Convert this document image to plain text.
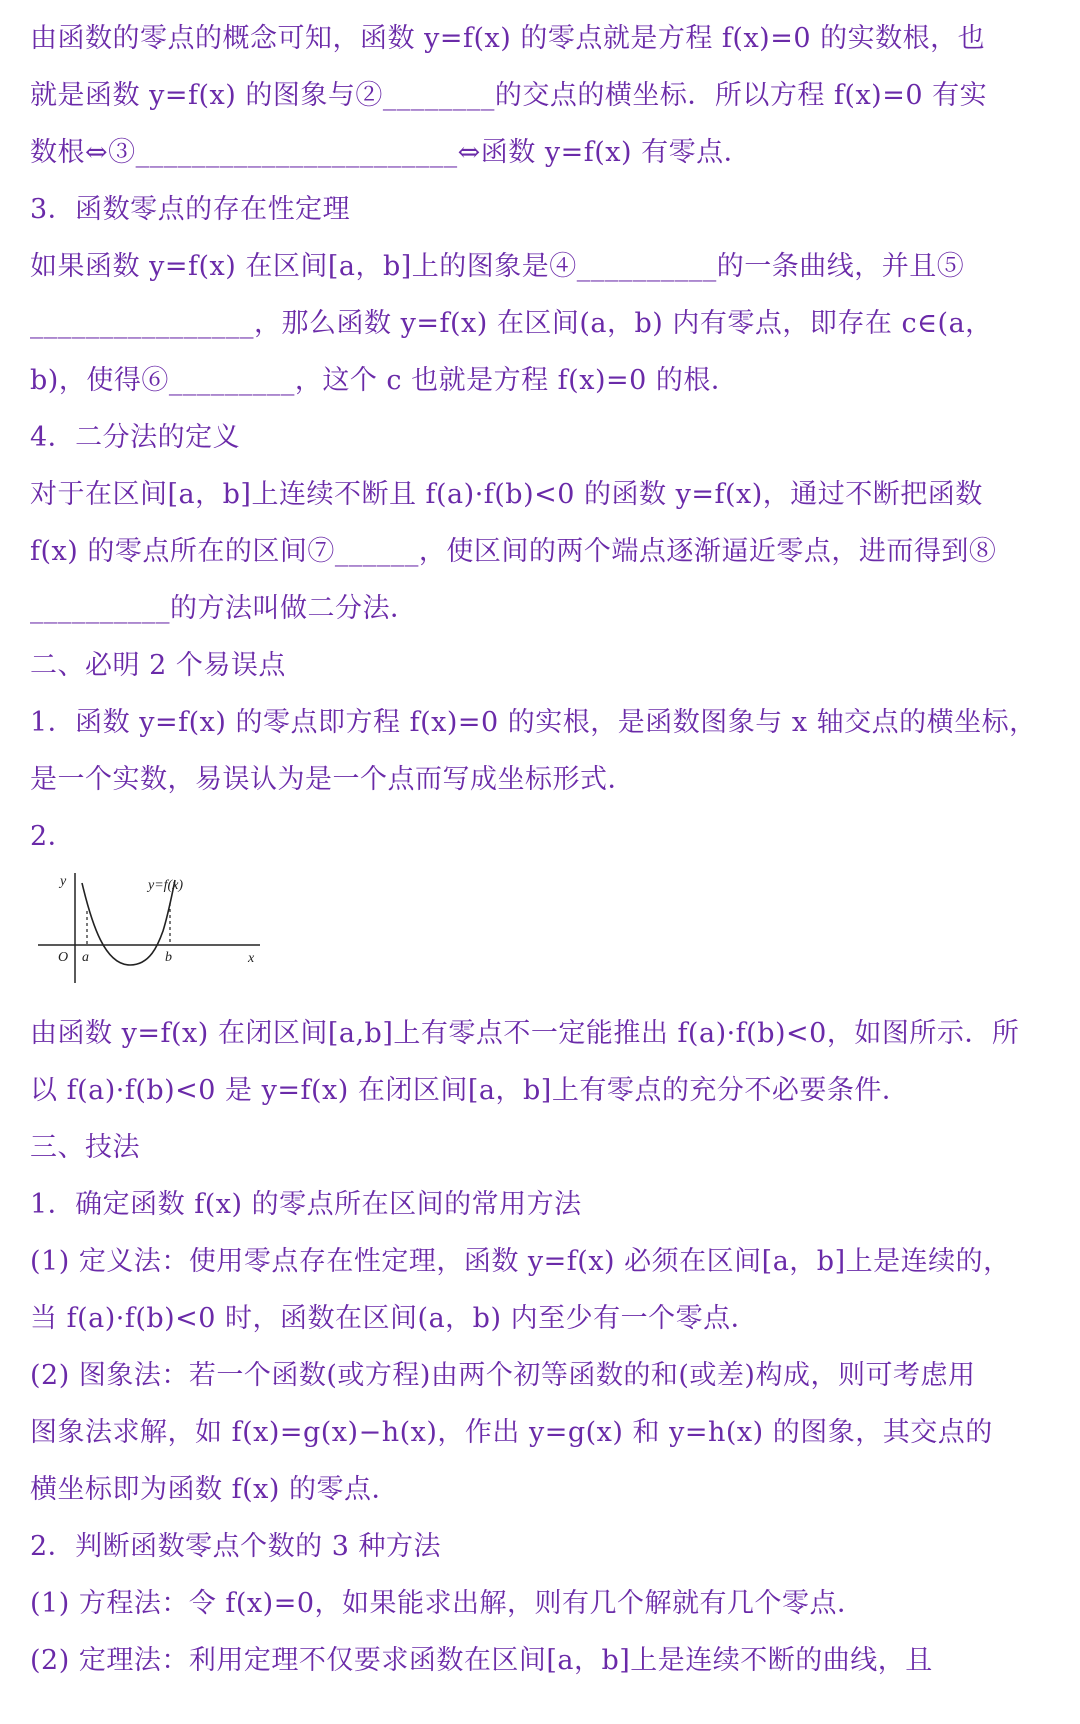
由函数的零点的概念可知，函数 y=f(x) 的零点就是方程 f(x)=0 的实数根，也
就是函数 y=f(x) 的图象与②________的交点的横坐标．所以方程 f(x)=0 有实
数根⇔③_______________________⇔函数 y=f(x) 有零点．
3．函数零点的存在性定理
如果函数 y=f(x) 在区间[a，b]上的图象是④__________的一条曲线，并且⑤
________________，那么函数 y=f(x) 在区间(a，b) 内有零点，即存在 c∈(a，
b)，使得⑥_________，这个 c 也就是方程 f(x)=0 的根．
4．二分法的定义
对于在区间[a，b]上连续不断且 f(a)·f(b)<0 的函数 y=f(x)，通过不断把函数
f(x) 的零点所在的区间⑦______，使区间的两个端点逐渐逼近零点，进而得到⑧
__________的方法叫做二分法．
二、必明 2 个易误点
1．函数 y=f(x) 的零点即方程 f(x)=0 的实根，是函数图象与 x 轴交点的横坐标，
是一个实数，易误认为是一个点而写成坐标形式．
2．
y
x
O a	b
y=f(x)
由函数 y=f(x) 在闭区间[a,b]上有零点不一定能推出 f(a)·f(b)<0，如图所示．所
以 f(a)·f(b)<0 是 y=f(x) 在闭区间[a，b]上有零点的充分不必要条件．
三、技法
1．确定函数 f(x) 的零点所在区间的常用方法
(1) 定义法：使用零点存在性定理，函数 y=f(x) 必须在区间[a，b]上是连续的，
当 f(a)·f(b)<0 时，函数在区间(a，b) 内至少有一个零点．
(2) 图象法：若一个函数(或方程)由两个初等函数的和(或差)构成，则可考虑用
图象法求解，如 f(x)=g(x)−h(x)，作出 y=g(x) 和 y=h(x) 的图象，其交点的
横坐标即为函数 f(x) 的零点．
2．判断函数零点个数的 3 种方法
(1) 方程法：令 f(x)=0，如果能求出解，则有几个解就有几个零点．
(2) 定理法：利用定理不仅要求函数在区间[a，b]上是连续不断的曲线，且
